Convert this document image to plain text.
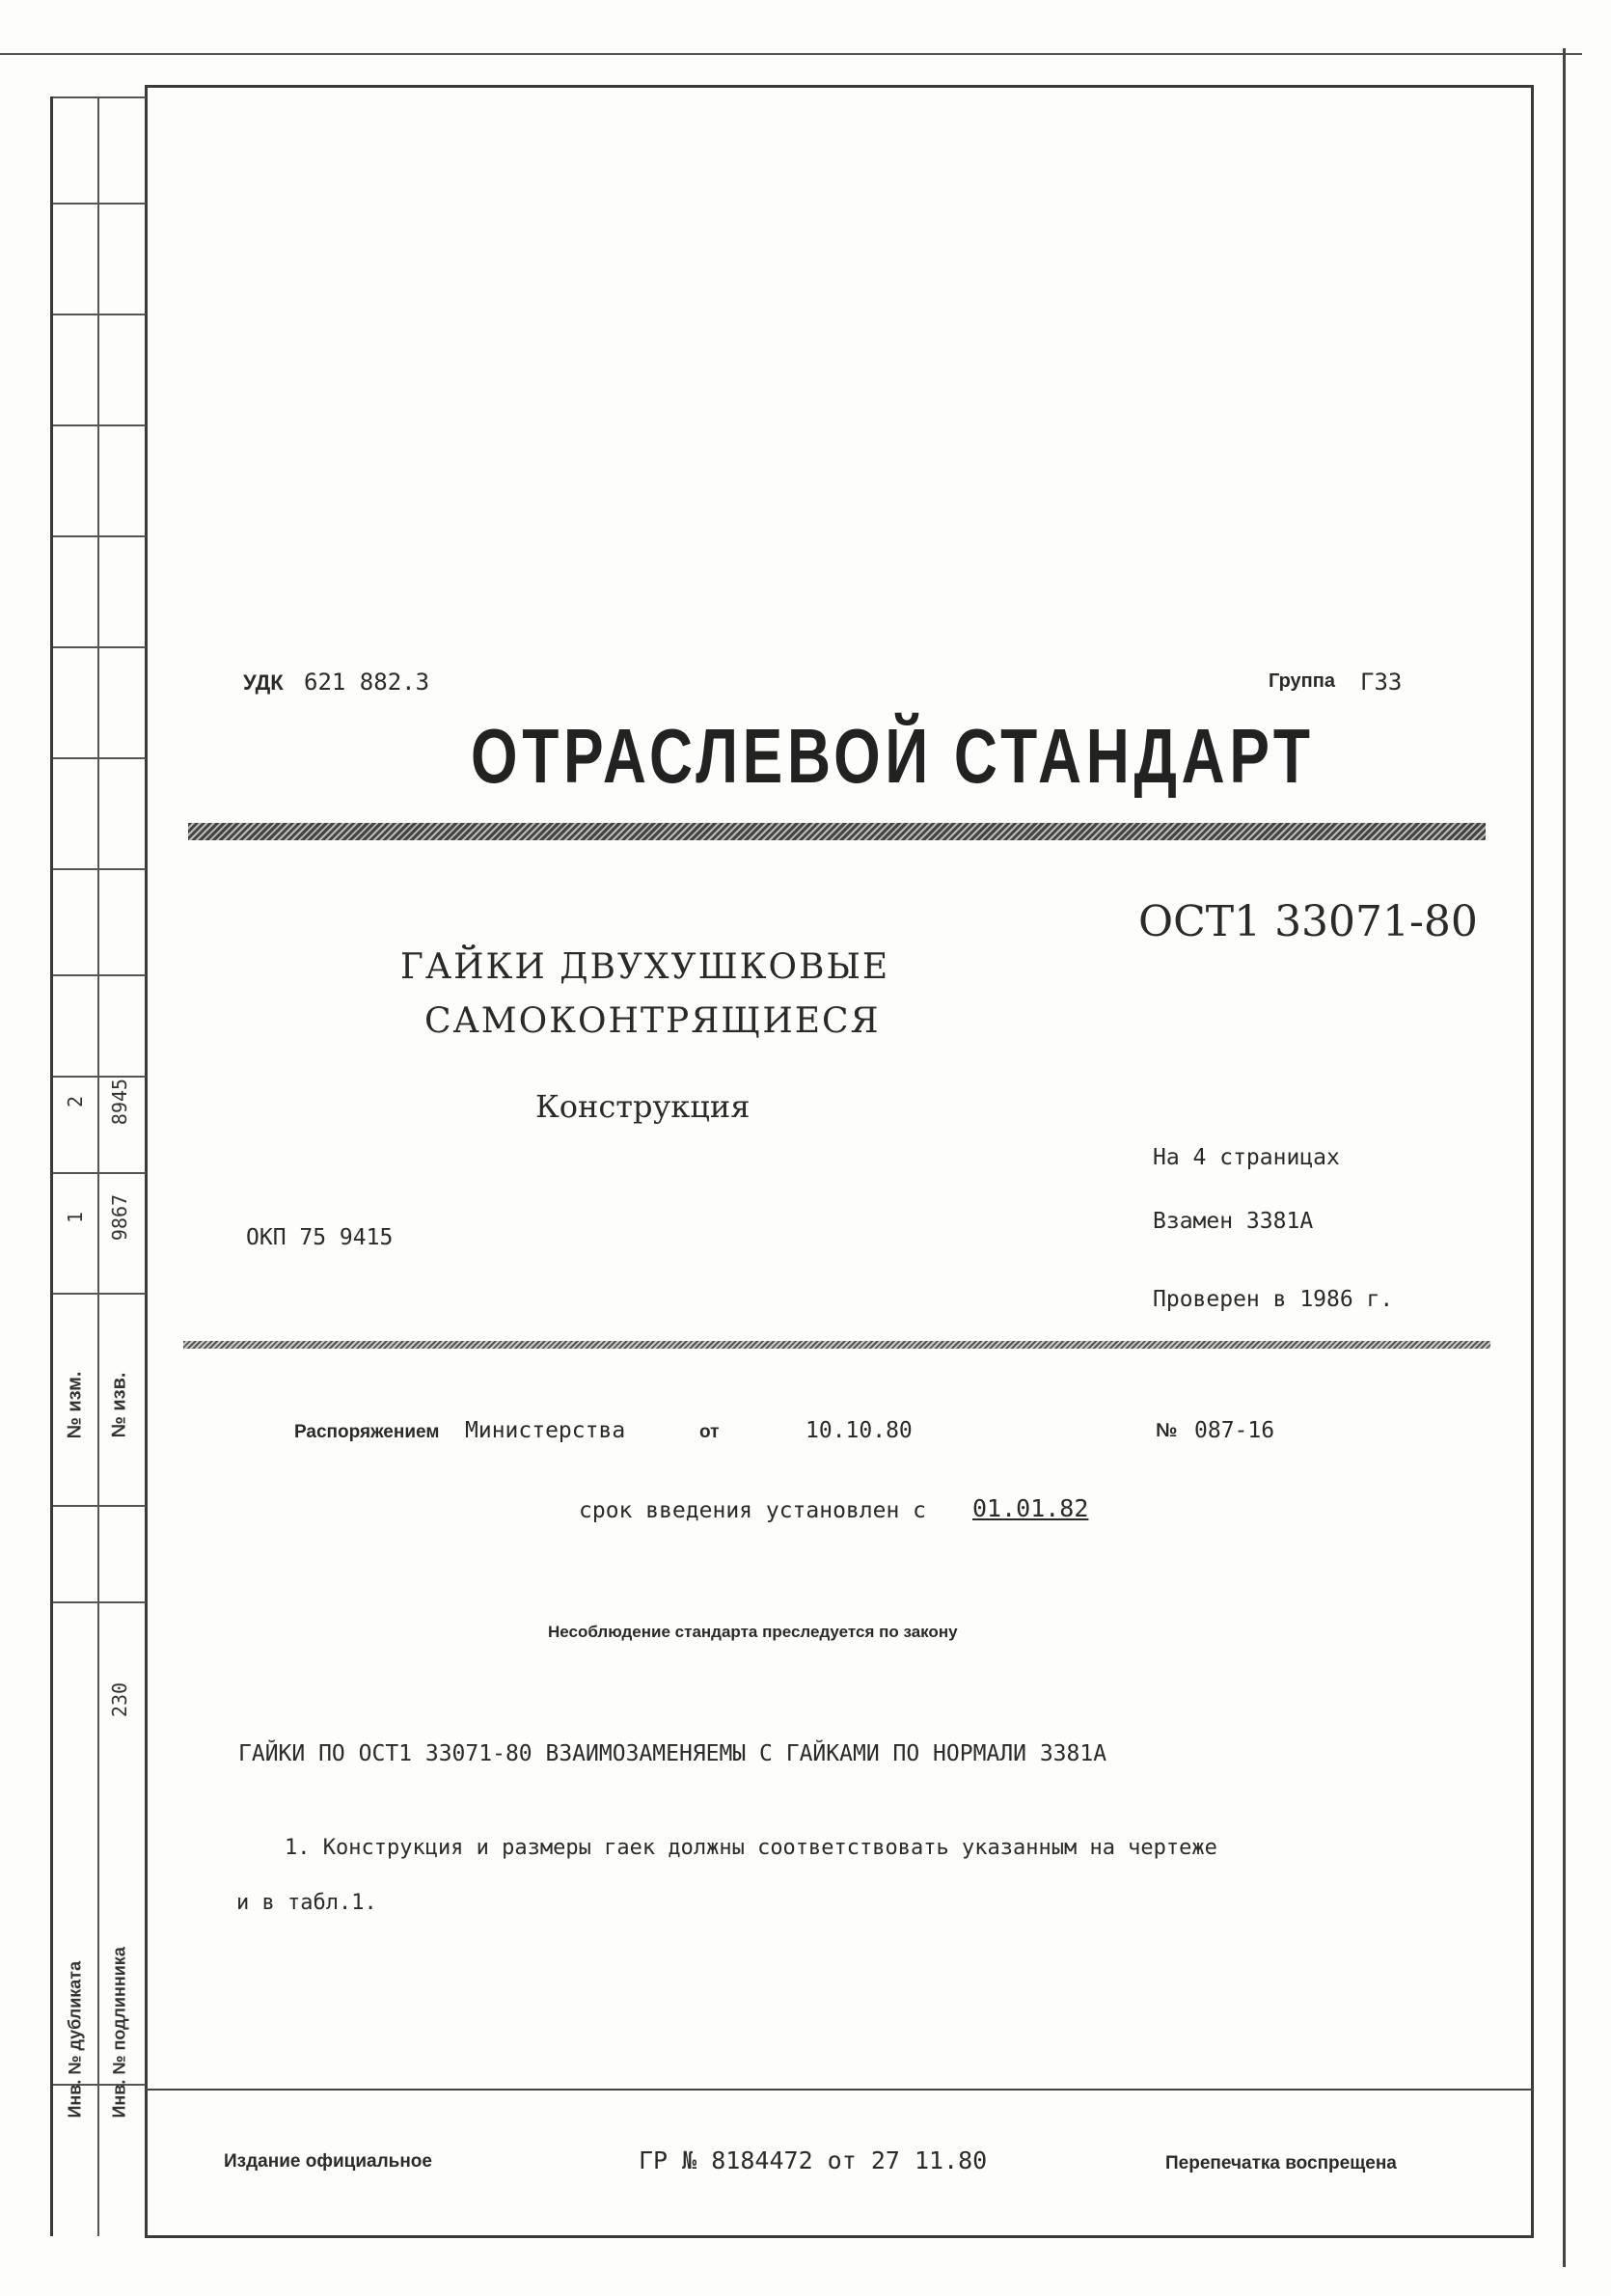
№ изм. № изв.
1 9867
2 8945
230
Инв. № дубликата Инв. № подлинника
УДК 621 882.3	Группа Г33
ОТРАСЛЕВОЙ СТАНДАРТ
ОСТ1 33071-80
ГАЙКИ ДВУХУШКОВЫЕ
САМОКОНТРЯЩИЕСЯ
Конструкция
На 4 страницах
Взамен 3381А
ОКП 75 9415
Проверен в 1986 г.
Распоряжением Министерства	от	10.10.80	№ 087-16
срок введения установлен с 01.01.82
Несоблюдение стандарта преследуется по закону
ГАЙКИ ПО ОСТ1 33071-80 ВЗАИМОЗАМЕНЯЕМЫ С ГАЙКАМИ ПО НОРМАЛИ 3381А
1. Конструкция и размеры гаек должны соответствовать указанным на чертеже
и в табл.1.
Издание официальное	ГР № 8184472 от 27 11.80	Перепечатка воспрещена
